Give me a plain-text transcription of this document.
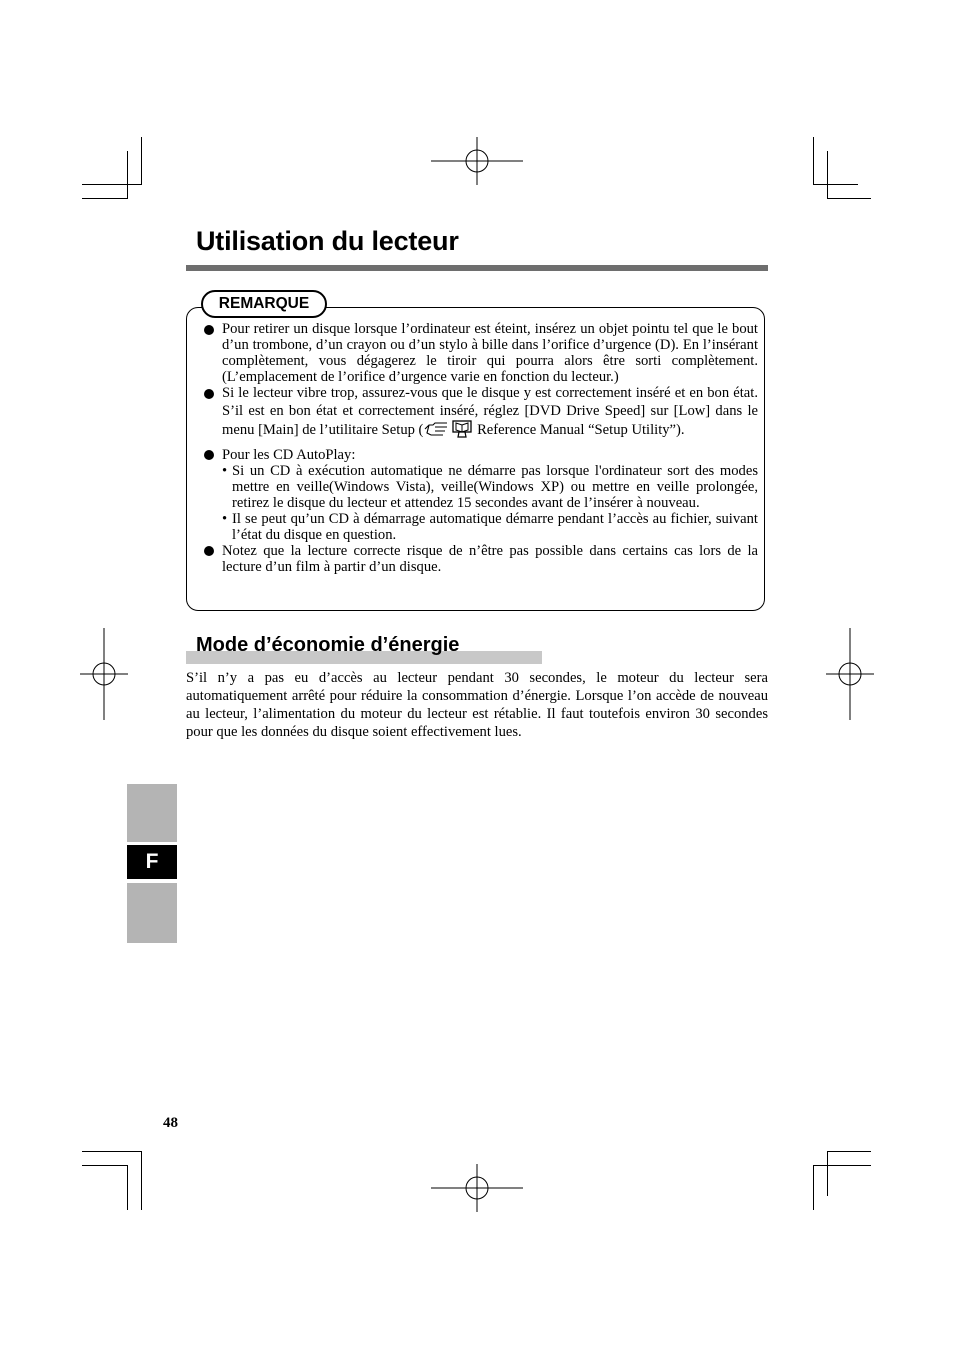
Utilisation du lecteur
REMARQUE
Pour retirer un disque lorsque l’ordinateur est éteint, insérez un objet pointu tel que le bout d’un trombone, d’un crayon ou d’un stylo à bille dans l’orifice d’urgence (D). En l’insérant complètement, vous dégagerez le tiroir qui pourra alors être sorti complètement. (L’emplacement de l’orifice d’urgence varie en fonction du lecteur.)
Si le lecteur vibre trop, assurez-vous que le disque y est correctement inséré et en bon état. S’il est en bon état et correctement inséré, réglez [DVD Drive Speed] sur [Low] dans le menu [Main] de l’utilitaire Setup (	Reference Manual “Setup Utility”).
Pour les CD AutoPlay:
• Si un CD à exécution automatique ne démarre pas lorsque l'ordinateur sort des modes mettre en veille(Windows Vista), veille(Windows XP) ou mettre en veille prolongée, retirez le disque du lecteur et attendez 15 secondes avant de l’insérer à nouveau.
• Il se peut qu’un CD à démarrage automatique démarre pendant l’accès au fichier, suivant l’état du disque en question.
Notez que la lecture correcte risque de n’être pas possible dans certains cas lors de la lecture d’un film à partir d’un disque.
Mode d’économie d’énergie

S’il n’y a pas eu d’accès au lecteur pendant 30 secondes, le moteur du lecteur sera automatiquement arrêté pour réduire la consommation d’énergie. Lorsque l’on accède de nouveau au lecteur, l’alimentation du moteur du lecteur est rétablie. Il faut toutefois environ 30 secondes pour que les données du disque soient effectivement lues.

F
48
